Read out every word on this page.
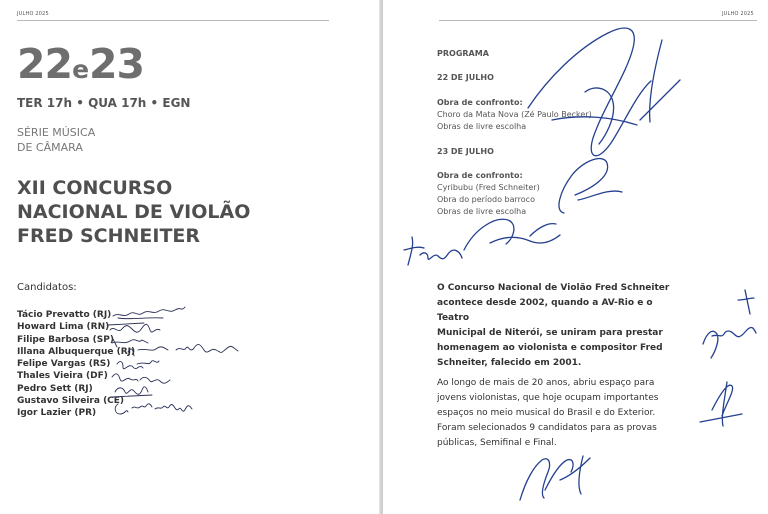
JULHO 2025
22e23
TER 17h • QUA 17h • EGN
SÉRIE MÚSICA
DE CÂMARA
XII CONCURSO
NACIONAL DE VIOLÃO
FRED SCHNEITER
Candidatos:
Tácio Prevatto (RJ)
Howard Lima (RN)
Filipe Barbosa (SP)
Illana Albuquerque (RJ)
Felipe Vargas (RS)
Thales Vieira (DF)
Pedro Sett (RJ)
Gustavo Silveira (CE)
Igor Lazier (PR)
JULHO 2025
PROGRAMA
22 DE JULHO
Obra de confronto:
Choro da Mata Nova (Zé Paulo Becker)
Obras de livre escolha
23 DE JULHO
Obra de confronto:
Cyribubu (Fred Schneiter)
Obra do período barroco
Obras de livre escolha
O Concurso Nacional de Violão Fred Schneiter
acontece desde 2002, quando a AV-Rio e o Teatro
Municipal de Niterói, se uniram para prestar
homenagem ao violonista e compositor Fred
Schneiter, falecido em 2001.
Ao longo de mais de 20 anos, abriu espaço para
jovens violonistas, que hoje ocupam importantes
espaços no meio musical do Brasil e do Exterior.
Foram selecionados 9 candidatos para as provas
públicas, Semifinal e Final.
